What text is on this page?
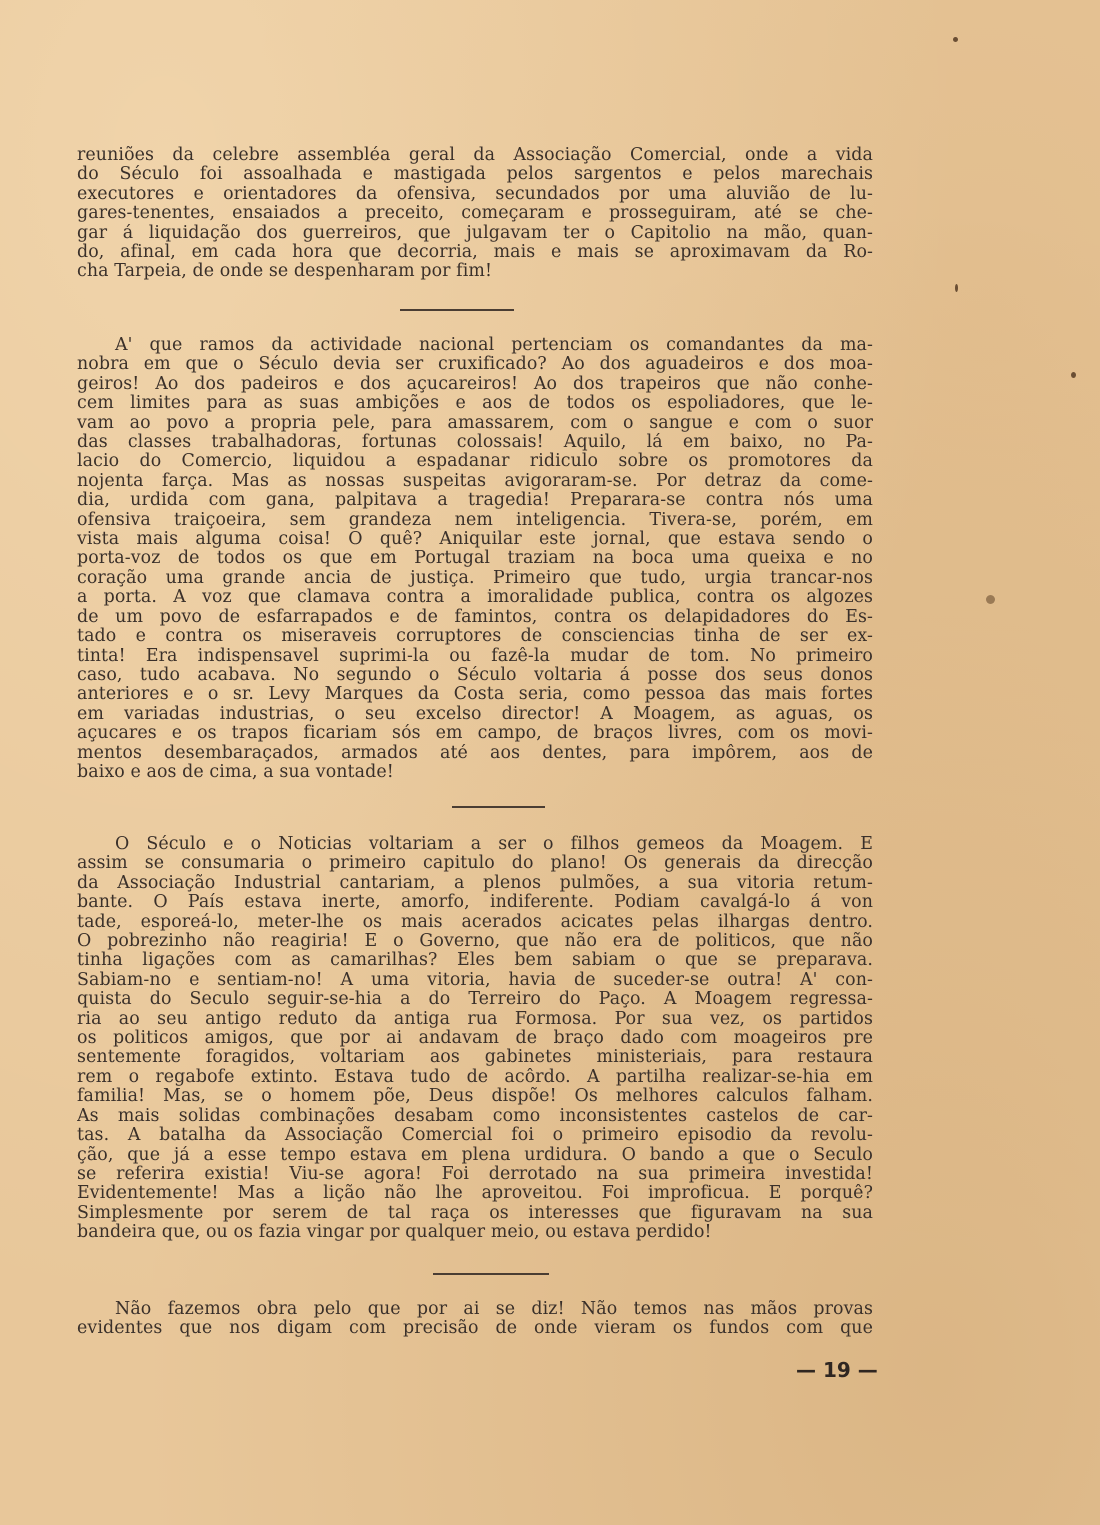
reuniões da celebre assembléa geral da Associação Comercial, onde a vida
do Século foi assoalhada e mastigada pelos sargentos e pelos marechais
executores e orientadores da ofensiva, secundados por uma aluvião de lu-
gares-tenentes, ensaiados a preceito, começaram e prosseguiram, até se che-
gar á liquidação dos guerreiros, que julgavam ter o Capitolio na mão, quan-
do, afinal, em cada hora que decorria, mais e mais se aproximavam da Ro-
cha Tarpeia, de onde se despenharam por fim!

A' que ramos da actividade nacional pertenciam os comandantes da ma-
nobra em que o Século devia ser cruxificado? Ao dos aguadeiros e dos moa-
geiros! Ao dos padeiros e dos açucareiros! Ao dos trapeiros que não conhe-
cem limites para as suas ambições e aos de todos os espoliadores, que le-
vam ao povo a propria pele, para amassarem, com o sangue e com o suor
das classes trabalhadoras, fortunas colossais! Aquilo, lá em baixo, no Pa-
lacio do Comercio, liquidou a espadanar ridiculo sobre os promotores da
nojenta farça. Mas as nossas suspeitas avigoraram-se. Por detraz da come-
dia, urdida com gana, palpitava a tragedia! Preparara-se contra nós uma
ofensiva traiçoeira, sem grandeza nem inteligencia. Tivera-se, porém, em
vista mais alguma coisa! O quê? Aniquilar este jornal, que estava sendo o
porta-voz de todos os que em Portugal traziam na boca uma queixa e no
coração uma grande ancia de justiça. Primeiro que tudo, urgia trancar-nos
a porta. A voz que clamava contra a imoralidade publica, contra os algozes
de um povo de esfarrapados e de famintos, contra os delapidadores do Es-
tado e contra os miseraveis corruptores de consciencias tinha de ser ex-
tinta! Era indispensavel suprimi-la ou fazê-la mudar de tom. No primeiro
caso, tudo acabava. No segundo o Século voltaria á posse dos seus donos
anteriores e o sr. Levy Marques da Costa seria, como pessoa das mais fortes
em variadas industrias, o seu excelso director! A Moagem, as aguas, os
açucares e os trapos ficariam sós em campo, de braços livres, com os movi-
mentos desembaraçados, armados até aos dentes, para impôrem, aos de
baixo e aos de cima, a sua vontade!

O Século e o Noticias voltariam a ser o filhos gemeos da Moagem. E
assim se consumaria o primeiro capitulo do plano! Os generais da direcção
da Associação Industrial cantariam, a plenos pulmões, a sua vitoria retum-
bante. O País estava inerte, amorfo, indiferente. Podiam cavalgá-lo á von
tade, esporeá-lo, meter-lhe os mais acerados acicates pelas ilhargas dentro.
O pobrezinho não reagiria! E o Governo, que não era de politicos, que não
tinha ligações com as camarilhas? Eles bem sabiam o que se preparava.
Sabiam-no e sentiam-no! A uma vitoria, havia de suceder-se outra! A' con-
quista do Seculo seguir-se-hia a do Terreiro do Paço. A Moagem regressa-
ria ao seu antigo reduto da antiga rua Formosa. Por sua vez, os partidos
os politicos amigos, que por ai andavam de braço dado com moageiros pre
sentemente foragidos, voltariam aos gabinetes ministeriais, para restaura
rem o regabofe extinto. Estava tudo de acôrdo. A partilha realizar-se-hia em
familia! Mas, se o homem põe, Deus dispõe! Os melhores calculos falham.
As mais solidas combinações desabam como inconsistentes castelos de car-
tas. A batalha da Associação Comercial foi o primeiro episodio da revolu-
ção, que já a esse tempo estava em plena urdidura. O bando a que o Seculo
se referira existia! Viu-se agora! Foi derrotado na sua primeira investida!
Evidentemente! Mas a lição não lhe aproveitou. Foi improficua. E porquê?
Simplesmente por serem de tal raça os interesses que figuravam na sua
bandeira que, ou os fazia vingar por qualquer meio, ou estava perdido!

Não fazemos obra pelo que por ai se diz! Não temos nas mãos provas
evidentes que nos digam com precisão de onde vieram os fundos com que

— 19 —
